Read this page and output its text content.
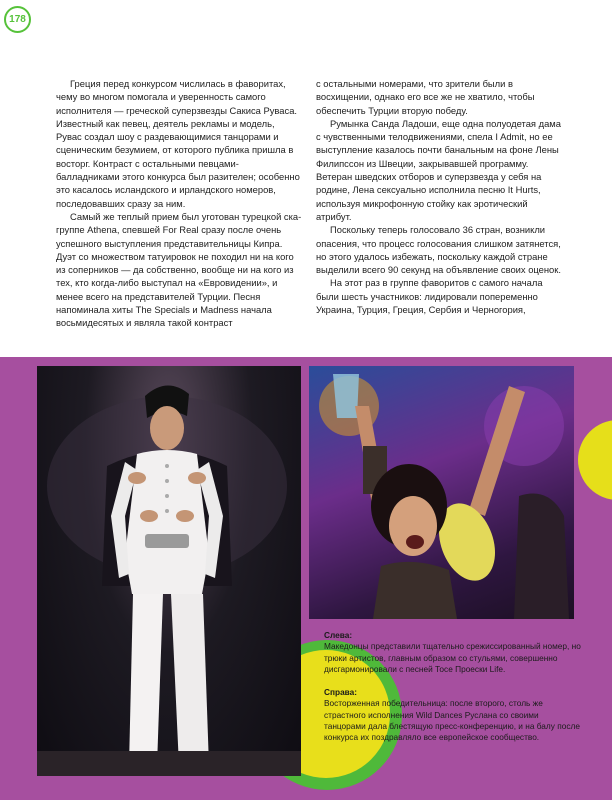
178

Греция перед конкурсом числилась в фаворитах, чему во многом помогала и уверенность самого исполнителя — греческой суперзвезды Сакиса Руваса. Известный как певец, деятель рекламы и модель, Рувас создал шоу с раздевающимися танцорами и сценическим безумием, от которого публика пришла в восторг. Контраст с остальными певцами-балладниками этого конкурса был разителен; особенно это касалось исландского и ирландского номеров, последовавших сразу за ним.

Самый же теплый прием был уготован турецкой ска-группе Athena, спевшей For Real сразу после очень успешного выступления представительницы Кипра. Дуэт со множеством татуировок не походил ни на кого из соперников — да собственно, вообще ни на кого из тех, кто когда-либо выступал на «Евровидении», и менее всего на представителей Турции. Песня напоминала хиты The Specials и Madness начала восьмидесятых и являла такой контраст

с остальными номерами, что зрители были в восхищении, однако его все же не хватило, чтобы обеспечить Турции вторую победу.

Румынка Санда Ладоши, еще одна полуодетая дама с чувственными телодвижениями, спела I Admit, но ее выступление казалось почти банальным на фоне Лены Филипссон из Швеции, закрывавшей программу. Ветеран шведских отборов и суперзвезда у себя на родине, Лена сексуально исполнила песню It Hurts, используя микрофонную стойку как эротический атрибут.

Поскольку теперь голосовало 36 стран, возникли опасения, что процесс голосования слишком затянется, но этого удалось избежать, поскольку каждой стране выделили всего 90 секунд на объявление своих оценок.

На этот раз в группе фаворитов с самого начала были шесть участников: лидировали попеременно Украина, Турция, Греция, Сербия и Черногория,

Слева:
Македонцы представили тщательно срежиссированный номер, но трюки артистов, главным образом со стульями, совершенно дисгармонировали с песней Тосе Проески Life.
Справа:
Восторженная победительница: после второго, столь же страстного исполнения Wild Dances Руслана со своими танцорами дала блестящую пресс-конференцию, и на балу после конкурса их поздравляло все европейское сообщество.
